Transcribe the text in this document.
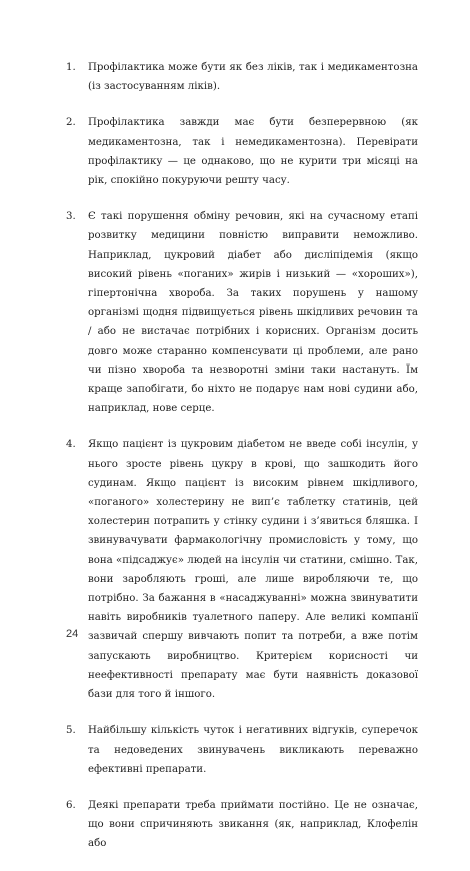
1. Профілактика може бути як без ліків, так і медикаментозна (із застосуванням ліків).
2. Профілактика завжди має бути безперервною (як медикаментозна, так і немедикаментозна). Перевірати профілактику — це однаково, що не курити три місяці на рік, спокійно покуруючи решту часу.
3. Є такі порушення обміну речовин, які на сучасному етапі розвитку медицини повністю виправити неможливо. Наприклад, цукровий діабет або дисліпідемія (якщо високий рівень «поганих» жирів і низький — «хороших»), гіпертонічна хвороба. За таких порушень у нашому організмі щодня підвищується рівень шкідливих речовин та / або не вистачає потрібних і корисних. Організм досить довго може старанно компенсувати ці проблеми, але рано чи пізно хвороба та незворотні зміни таки настануть. Їм краще запобігати, бо ніхто не подарує нам нові судини або, наприклад, нове серце.
4. Якщо пацієнт із цукровим діабетом не введе собі інсулін, у нього зросте рівень цукру в крові, що зашкодить його судинам. Якщо пацієнт із високим рівнем шкідливого, «поганого» холестерину не вип’є таблетку статинів, цей холестерин потрапить у стінку судини і з’явиться бляшка. І звинувачувати фармакологічну промисловість у тому, що вона «підсаджує» людей на інсулін чи статини, смішно. Так, вони заробляють гроші, але лише виробляючи те, що потрібно. За бажання в «насаджуванні» можна звинуватити навіть виробників туалетного паперу. Але великі компанії зазвичай спершу вивчають попит та потреби, а вже потім запускають виробництво. Критерієм корисності чи неефективності препарату має бути наявність доказової бази для того й іншого.
5. Найбільшу кількість чуток і негативних відгуків, суперечок та недоведених звинувачень викликають переважно ефективні препарати.
6. Деякі препарати треба приймати постійно. Це не означає, що вони спричиняють звикання (як, наприклад, Клофелін або
24
